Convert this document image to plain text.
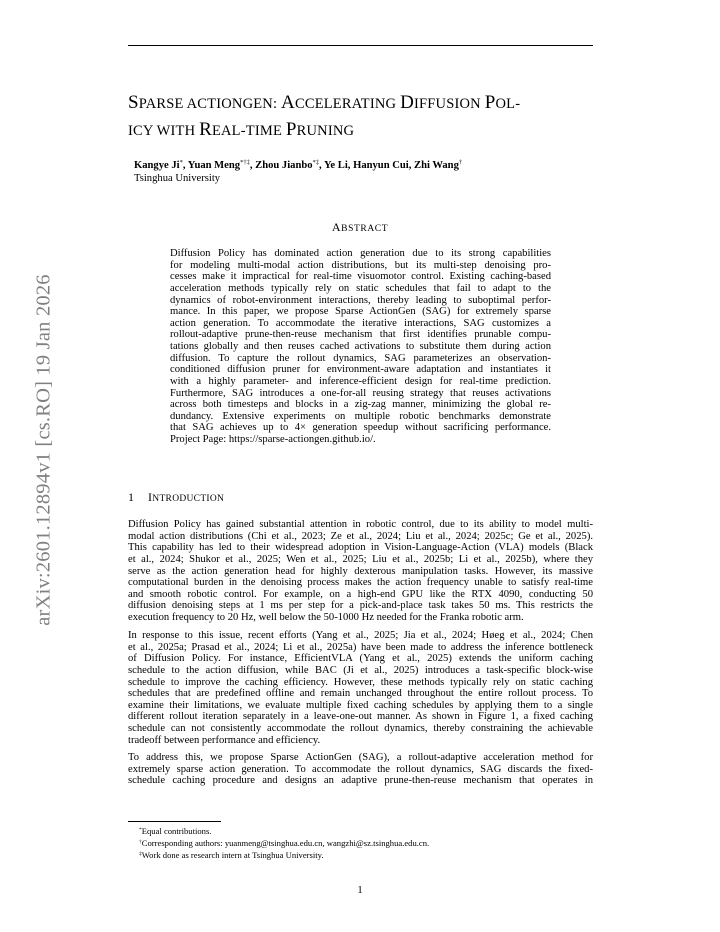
arXiv:2601.12894v1 [cs.RO] 19 Jan 2026
SPARSE ACTIONGEN: ACCELERATING DIFFUSION POL-
ICY WITH REAL-TIME PRUNING
Kangye Ji*, Yuan Meng*†‡, Zhou Jianbo*‡, Ye Li, Hanyun Cui, Zhi Wang†
Tsinghua University
ABSTRACT
Diffusion Policy has dominated action generation due to its strong capabilities
for modeling multi-modal action distributions, but its multi-step denoising pro-
cesses make it impractical for real-time visuomotor control. Existing caching-based
acceleration methods typically rely on static schedules that fail to adapt to the
dynamics of robot-environment interactions, thereby leading to suboptimal perfor-
mance. In this paper, we propose Sparse ActionGen (SAG) for extremely sparse
action generation. To accommodate the iterative interactions, SAG customizes a
rollout-adaptive prune-then-reuse mechanism that first identifies prunable compu-
tations globally and then reuses cached activations to substitute them during action
diffusion. To capture the rollout dynamics, SAG parameterizes an observation-
conditioned diffusion pruner for environment-aware adaptation and instantiates it
with a highly parameter- and inference-efficient design for real-time prediction.
Furthermore, SAG introduces a one-for-all reusing strategy that reuses activations
across both timesteps and blocks in a zig-zag manner, minimizing the global re-
dundancy. Extensive experiments on multiple robotic benchmarks demonstrate
that SAG achieves up to 4× generation speedup without sacrificing performance.
Project Page: https://sparse-actiongen.github.io/.
1 INTRODUCTION
Diffusion Policy has gained substantial attention in robotic control, due to its ability to model multi-
modal action distributions (Chi et al., 2023; Ze et al., 2024; Liu et al., 2024; 2025c; Ge et al., 2025).
This capability has led to their widespread adoption in Vision-Language-Action (VLA) models (Black
et al., 2024; Shukor et al., 2025; Wen et al., 2025; Liu et al., 2025b; Li et al., 2025b), where they
serve as the action generation head for highly dexterous manipulation tasks. However, its massive
computational burden in the denoising process makes the action frequency unable to satisfy real-time
and smooth robotic control. For example, on a high-end GPU like the RTX 4090, conducting 50
diffusion denoising steps at 1 ms per step for a pick-and-place task takes 50 ms. This restricts the
execution frequency to 20 Hz, well below the 50-1000 Hz needed for the Franka robotic arm.
In response to this issue, recent efforts (Yang et al., 2025; Jia et al., 2024; Høeg et al., 2024; Chen
et al., 2025a; Prasad et al., 2024; Li et al., 2025a) have been made to address the inference bottleneck
of Diffusion Policy. For instance, EfficientVLA (Yang et al., 2025) extends the uniform caching
schedule to the action diffusion, while BAC (Ji et al., 2025) introduces a task-specific block-wise
schedule to improve the caching efficiency. However, these methods typically rely on static caching
schedules that are predefined offline and remain unchanged throughout the entire rollout process. To
examine their limitations, we evaluate multiple fixed caching schedules by applying them to a single
different rollout iteration separately in a leave-one-out manner. As shown in Figure 1, a fixed caching
schedule can not consistently accommodate the rollout dynamics, thereby constraining the achievable
tradeoff between performance and efficiency.
To address this, we propose Sparse ActionGen (SAG), a rollout-adaptive acceleration method for
extremely sparse action generation. To accommodate the rollout dynamics, SAG discards the fixed-
schedule caching procedure and designs an adaptive prune-then-reuse mechanism that operates in
*Equal contributions.
†Corresponding authors: yuanmeng@tsinghua.edu.cn, wangzhi@sz.tsinghua.edu.cn.
‡Work done as research intern at Tsinghua University.
1
